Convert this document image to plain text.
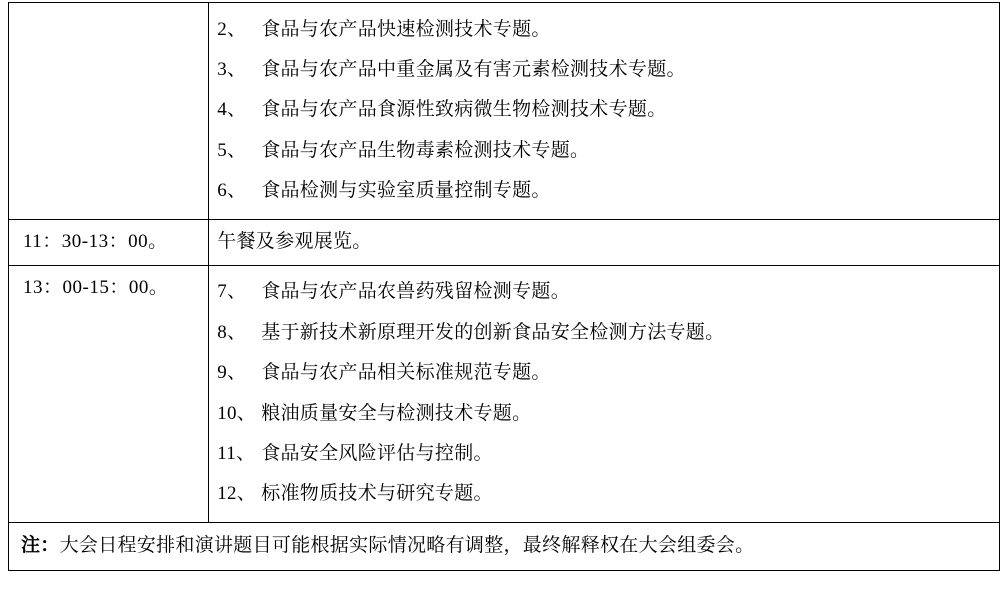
	2、 食品与农产品快速检测技术专题。
3、 食品与农产品中重金属及有害元素检测技术专题。
4、 食品与农产品食源性致病微生物检测技术专题。
5、 食品与农产品生物毒素检测技术专题。
6、 食品检测与实验室质量控制专题。

11：30-13：00。	午餐及参观展览。

13：00-15：00。	7、 食品与农产品农兽药残留检测专题。
8、 基于新技术新原理开发的创新食品安全检测方法专题。
9、 食品与农产品相关标准规范专题。
10、 粮油质量安全与检测技术专题。
11、 食品安全风险评估与控制。
12、 标准物质技术与研究专题。

注：大会日程安排和演讲题目可能根据实际情况略有调整，最终解释权在大会组委会。	
